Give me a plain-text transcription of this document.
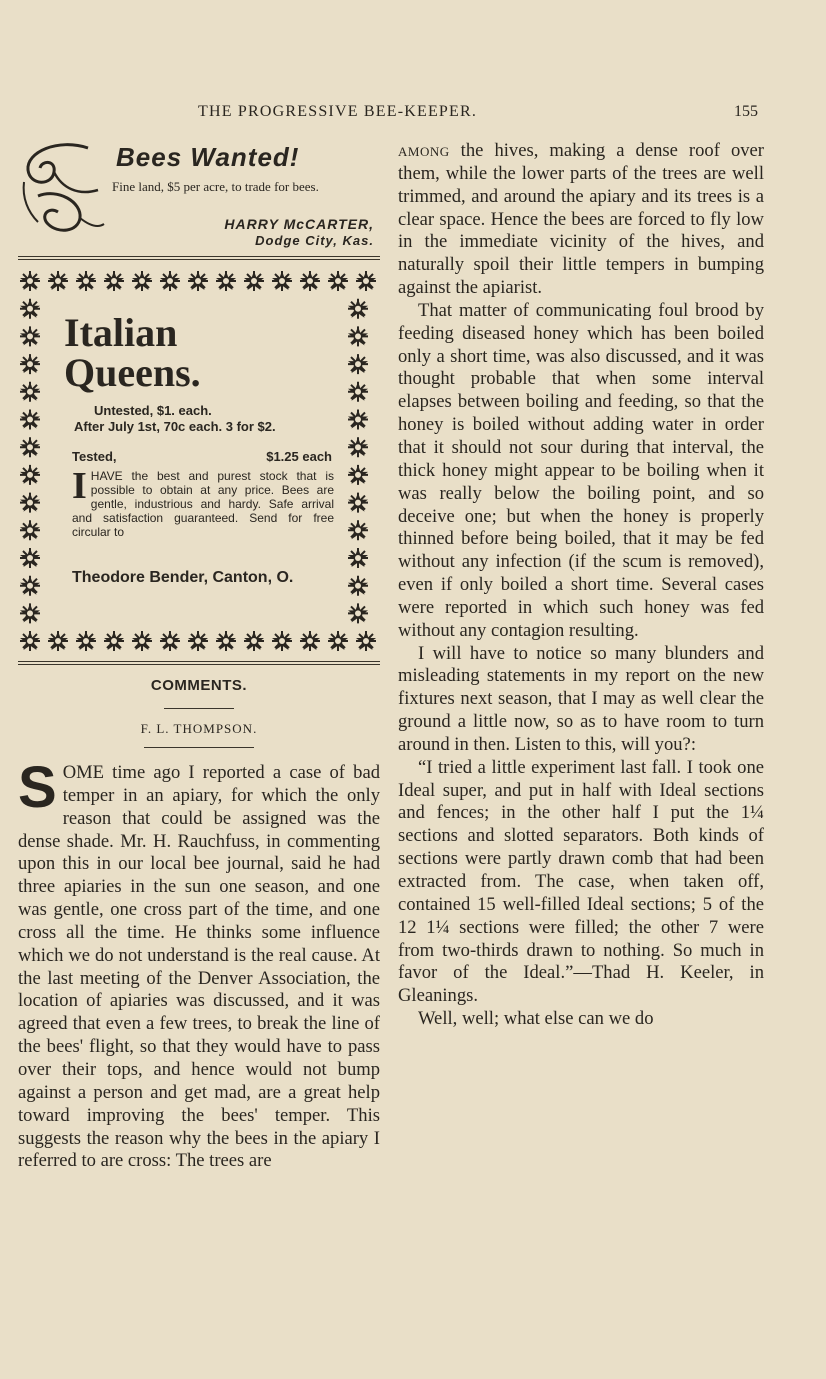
THE PROGRESSIVE BEE-KEEPER.	155
Bees Wanted!
Fine land, $5 per acre, to trade for bees.
HARRY McCARTER,
Dodge City, Kas.
Italian
Queens.
Untested, $1. each.
After July 1st, 70c each. 3 for $2.
Tested,	$1.25 each
I HAVE the best and purest stock that is possible to obtain at any price. Bees are gentle, industrious and hardy. Safe arrival and satisfaction guaranteed. Send for free circular to
Theodore Bender, Canton, O.
COMMENTS.
F. L. THOMPSON.

S OME time ago I reported a case of bad temper in an apiary, for which the only reason that could be assigned was the dense shade. Mr. H. Rauchfuss, in commenting upon this in our local bee journal, said he had three apiaries in the sun one season, and one was gentle, one cross part of the time, and one cross all the time. He thinks some influence which we do not understand is the real cause. At the last meeting of the Denver Association, the location of apiaries was discussed, and it was agreed that even a few trees, to break the line of the bees' flight, so that they would have to pass over their tops, and hence would not bump against a person and get mad, are a great help toward improving the bees' temper. This suggests the reason why the bees in the apiary I referred to are cross: The trees are

among the hives, making a dense roof over them, while the lower parts of the trees are well trimmed, and around the apiary and its trees is a clear space. Hence the bees are forced to fly low in the immediate vicinity of the hives, and naturally spoil their little tempers in bumping against the apiarist.

That matter of communicating foul brood by feeding diseased honey which has been boiled only a short time, was also discussed, and it was thought probable that when some interval elapses between boiling and feeding, so that the honey is boiled without adding water in order that it should not sour during that interval, the thick honey might appear to be boiling when it was really below the boiling point, and so deceive one; but when the honey is properly thinned before being boiled, that it may be fed without any infection (if the scum is removed), even if only boiled a short time. Several cases were reported in which such honey was fed without any contagion resulting.

I will have to notice so many blunders and misleading statements in my report on the new fixtures next season, that I may as well clear the ground a little now, so as to have room to turn around in then. Listen to this, will you?:

“I tried a little experiment last fall. I took one Ideal super, and put in half with Ideal sections and fences; in the other half I put the 1¼ sections and slotted separators. Both kinds of sections were partly drawn comb that had been extracted from. The case, when taken off, contained 15 well-filled Ideal sections; 5 of the 12 1¼ sections were filled; the other 7 were from two-thirds drawn to nothing. So much in favor of the Ideal.”—Thad H. Keeler, in Gleanings.

Well, well; what else can we do
